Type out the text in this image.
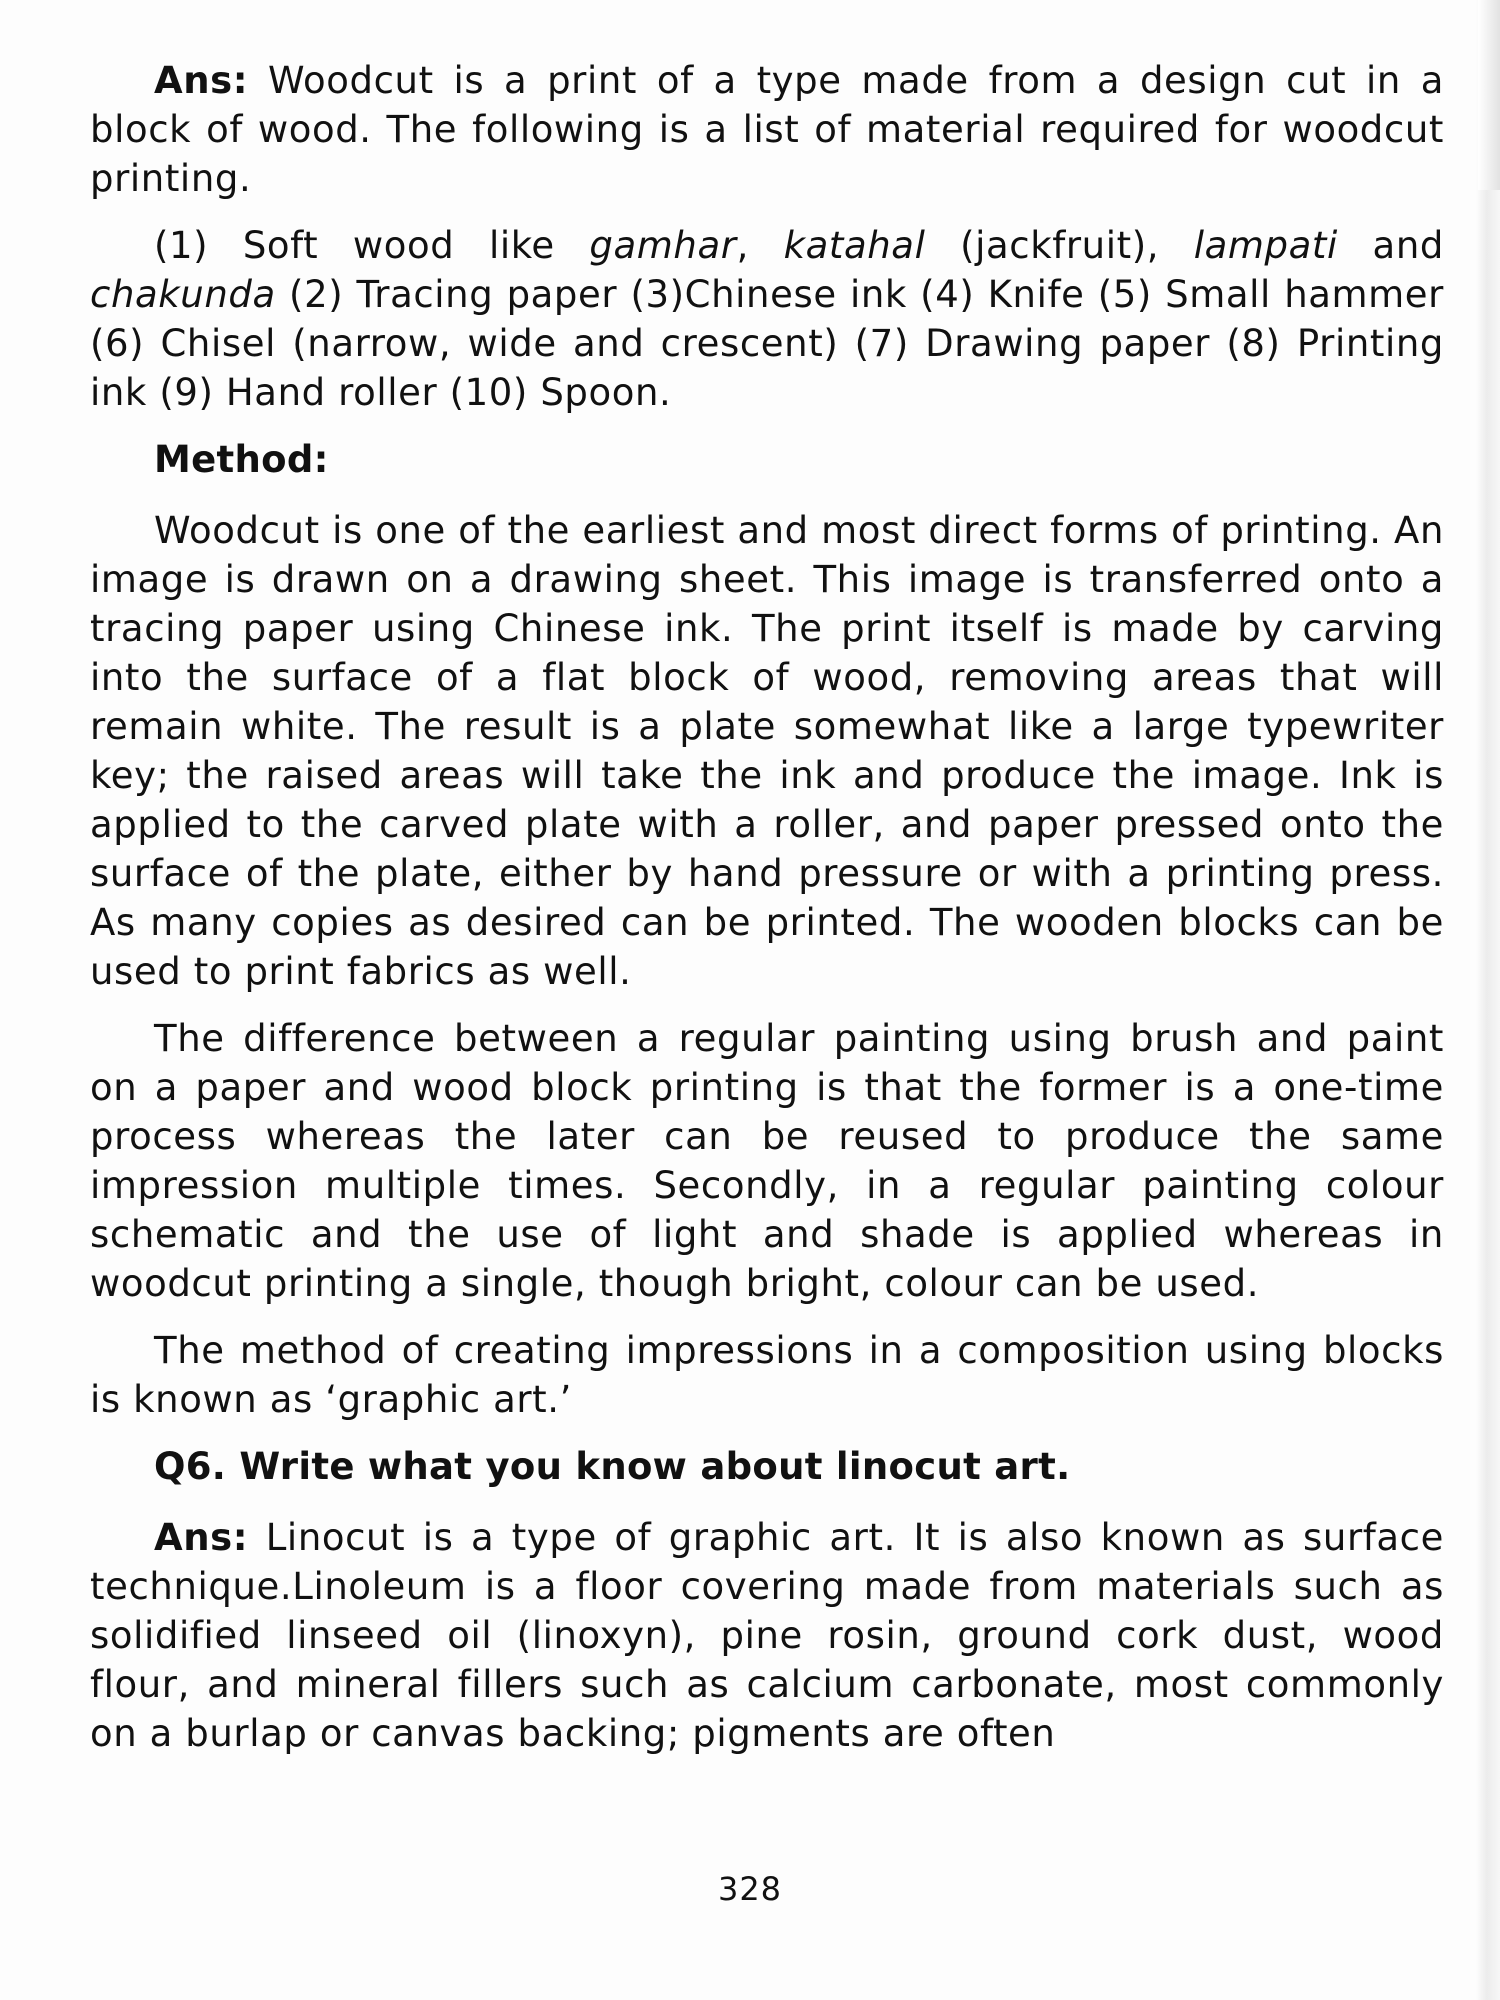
Ans: Woodcut is a print of a type made from a design cut in a block of wood. The following is a list of material required for woodcut printing.

(1) Soft wood like gamhar, katahal (jackfruit), lampati and chakunda (2) Tracing paper (3)Chinese ink (4) Knife (5) Small hammer (6) Chisel (narrow, wide and crescent) (7) Drawing paper (8) Printing ink (9) Hand roller (10) Spoon.

Method:

Woodcut is one of the earliest and most direct forms of printing. An image is drawn on a drawing sheet. This image is transferred onto a tracing paper using Chinese ink. The print itself is made by carving into the surface of a flat block of wood, removing areas that will remain white. The result is a plate somewhat like a large typewriter key; the raised areas will take the ink and produce the image. Ink is applied to the carved plate with a roller, and paper pressed onto the surface of the plate, either by hand pressure or with a printing press. As many copies as desired can be printed. The wooden blocks can be used to print fabrics as well.

The difference between a regular painting using brush and paint on a paper and wood block printing is that the former is a one-time process whereas the later can be reused to produce the same impression multiple times. Secondly, in a regular painting colour schematic and the use of light and shade is applied whereas in woodcut printing a single, though bright, colour can be used.

The method of creating impressions in a composition using blocks is known as ‘graphic art.’

Q6. Write what you know about linocut art.

Ans: Linocut is a type of graphic art. It is also known as surface technique.Linoleum is a floor covering made from materials such as solidified linseed oil (linoxyn), pine rosin, ground cork dust, wood flour, and mineral fillers such as calcium carbonate, most commonly on a burlap or canvas backing; pigments are often

328
